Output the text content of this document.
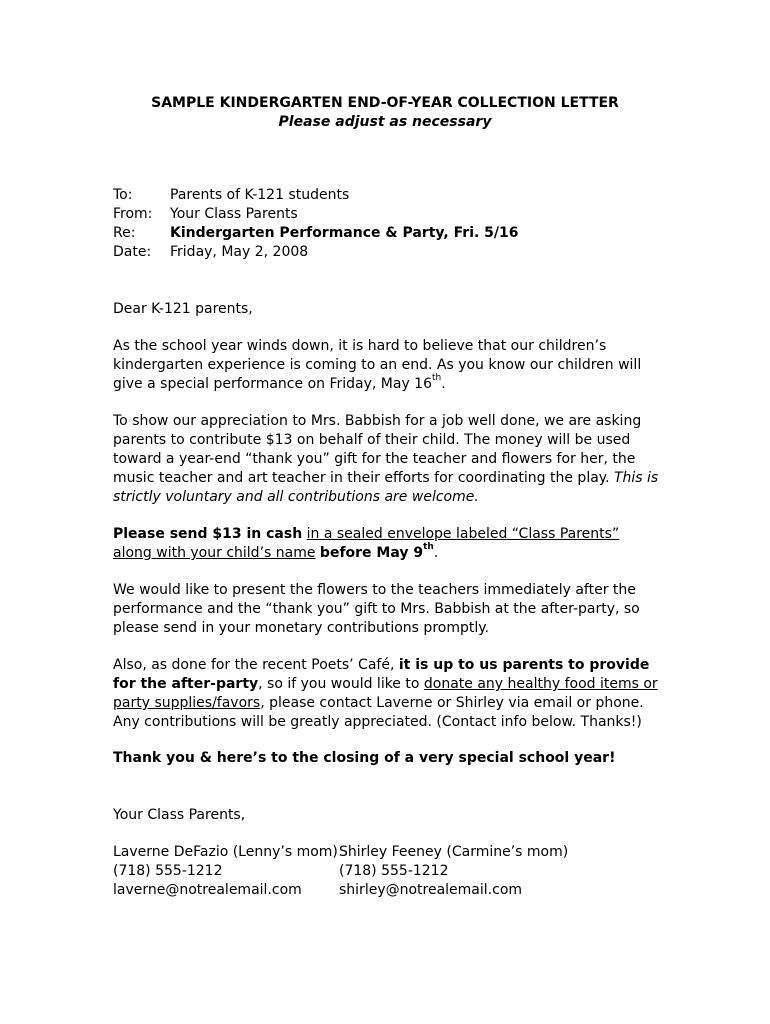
SAMPLE KINDERGARTEN END-OF-YEAR COLLECTION LETTER
Please adjust as necessary
To:	Parents of K-121 students
From: Your Class Parents
Re: Kindergarten Performance & Party, Fri. 5/16
Date: Friday, May 2, 2008
Dear K-121 parents,
As the school year winds down, it is hard to believe that our children’s kindergarten experience is coming to an end. As you know our children will give a special performance on Friday, May 16th.
To show our appreciation to Mrs. Babbish for a job well done, we are asking parents to contribute $13 on behalf of their child. The money will be used toward a year-end “thank you” gift for the teacher and flowers for her, the music teacher and art teacher in their efforts for coordinating the play. This is strictly voluntary and all contributions are welcome.
Please send $13 in cash in a sealed envelope labeled “Class Parents” along with your child’s name before May 9th.
We would like to present the flowers to the teachers immediately after the performance and the “thank you” gift to Mrs. Babbish at the after-party, so please send in your monetary contributions promptly.
Also, as done for the recent Poets’ Café, it is up to us parents to provide for the after-party, so if you would like to donate any healthy food items or party supplies/favors, please contact Laverne or Shirley via email or phone. Any contributions will be greatly appreciated. (Contact info below. Thanks!)
Thank you & here’s to the closing of a very special school year!
Your Class Parents,
Laverne DeFazio (Lenny’s mom)
(718) 555-1212
laverne@notrealemail.com
Shirley Feeney (Carmine’s mom)
(718) 555-1212
shirley@notrealemail.com
